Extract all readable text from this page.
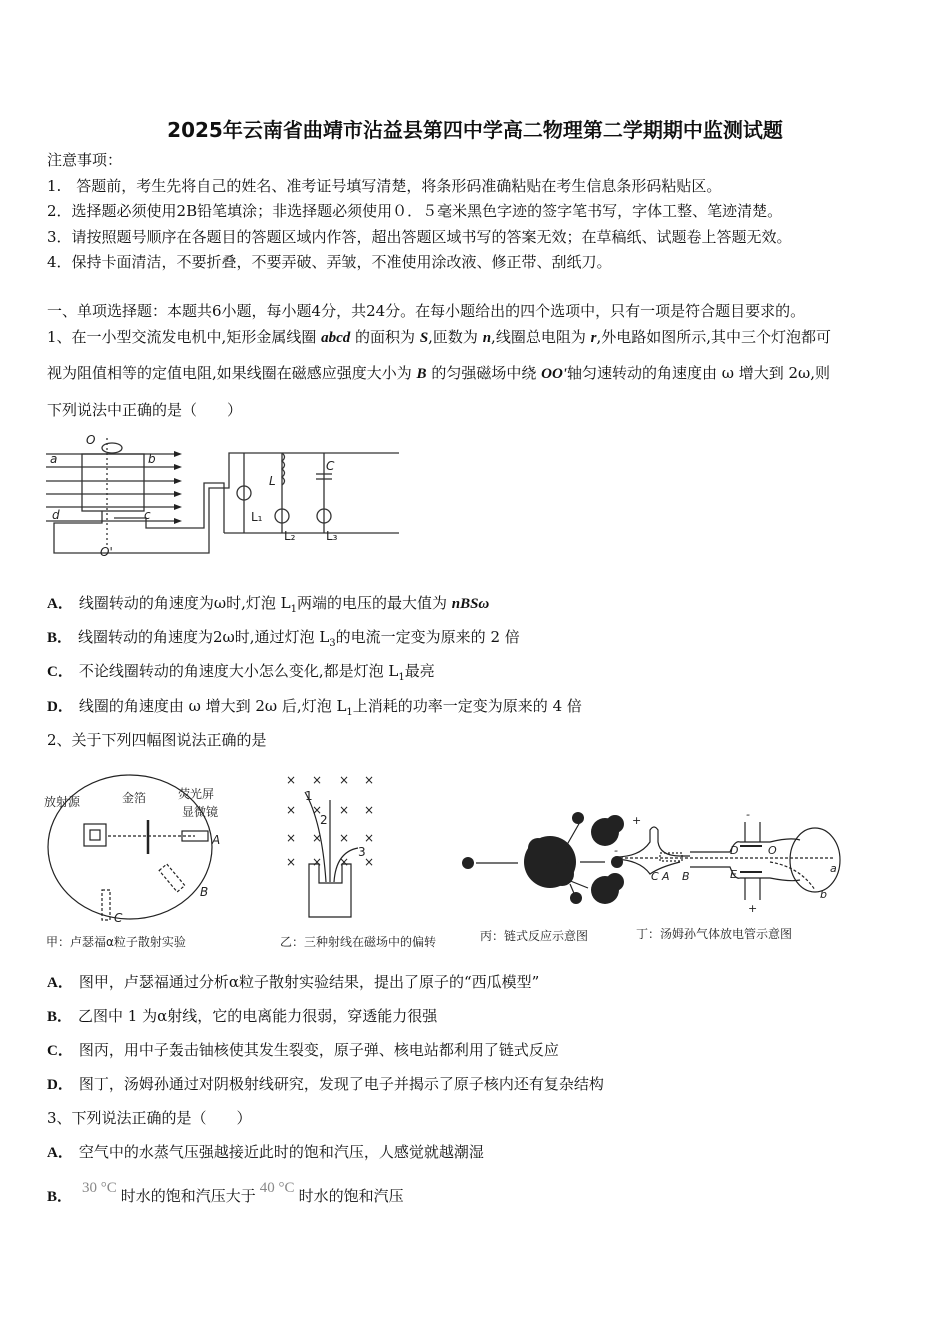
2025年云南省曲靖市沾益县第四中学高二物理第二学期期中监测试题
注意事项：
1.　答题前，考生先将自己的姓名、准考证号填写清楚，将条形码准确粘贴在考生信息条形码粘贴区。
2．选择题必须使用2B铅笔填涂；非选择题必须使用０．５毫米黑色字迹的签字笔书写，字体工整、笔迹清楚。
3．请按照题号顺序在各题目的答题区域内作答，超出答题区域书写的答案无效；在草稿纸、试题卷上答题无效。
4．保持卡面清洁，不要折叠，不要弄破、弄皱，不准使用涂改液、修正带、刮纸刀。
一、单项选择题：本题共6小题，每小题4分，共24分。在每小题给出的四个选项中，只有一项是符合题目要求的。
1、在一小型交流发电机中,矩形金属线圈 abcd 的面积为 S,匝数为 n,线圈总电阻为 r,外电路如图所示,其中三个灯泡都可
视为阻值相等的定值电阻,如果线圈在磁感应强度大小为 B 的匀强磁场中绕 OO'轴匀速转动的角速度由 ω 增大到 2ω,则
下列说法中正确的是（　　）
O
a	b
c
d
O'
L
C
L₁
L₂	L₃
A． 线圈转动的角速度为ω时,灯泡 $L_1$两端的电压的最大值为 nBSω
B． 线圈转动的角速度为2ω时,通过灯泡 $L_3$的电流一定变为原来的 2 倍
C． 不论线圈转动的角速度大小怎么变化,都是灯泡 $L_1$最亮
D． 线圈的角速度由 ω 增大到 2ω 后,灯泡 $L_1$上消耗的功率一定变为原来的 4 倍
2、关于下列四幅图说法正确的是
放射源	金箔	荧光屏
显微镜
A
B
C
甲：卢瑟福α粒子散射实验
× × × ×
× × × ×
× × × ×
× × × ×
1
2
3
乙：三种射线在磁场中的偏转	丙：链式反应示意图
+	-
-
+
C A B
D
E
O
a
b
丁：汤姆孙气体放电管示意图
A． 图甲，卢瑟福通过分析α粒子散射实验结果，提出了原子的“西瓜模型”
B． 乙图中 1 为α射线，它的电离能力很弱，穿透能力很强
C． 图丙，用中子轰击铀核使其发生裂变，原子弹、核电站都利用了链式反应
D． 图丁，汤姆孙通过对阴极射线研究，发现了电子并揭示了原子核内还有复杂结构
3、下列说法正确的是（　　）
A． 空气中的水蒸气压强越接近此时的饱和汽压，人感觉就越潮湿
B．30 °C 时水的饱和汽压大于 40 °C 时水的饱和汽压
